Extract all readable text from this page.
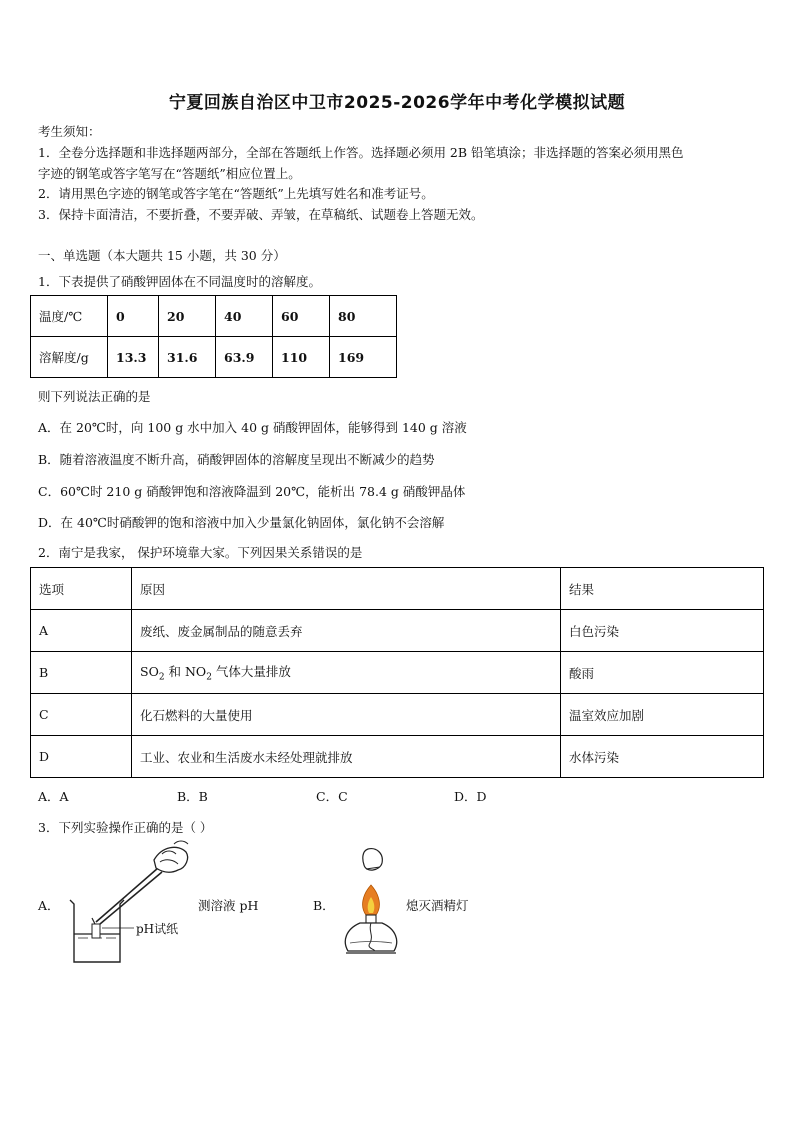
宁夏回族自治区中卫市2025-2026学年中考化学模拟试题
考生须知：
1．全卷分选择题和非选择题两部分，全部在答题纸上作答。选择题必须用 2B 铅笔填涂；非选择题的答案必须用黑色
字迹的钢笔或答字笔写在“答题纸”相应位置上。
2．请用黑色字迹的钢笔或答字笔在“答题纸”上先填写姓名和准考证号。
3．保持卡面清洁，不要折叠，不要弄破、弄皱，在草稿纸、试题卷上答题无效。
一、单选题（本大题共 15 小题，共 30 分）
1．下表提供了硝酸钾固体在不同温度时的溶解度。
温度/℃	0	20	40	60	80
溶解度/g	13.3	31.6	63.9	110	169
则下列说法正确的是
A．在 20℃时，向 100 g 水中加入 40 g 硝酸钾固体，能够得到 140 g 溶液
B．随着溶液温度不断升高，硝酸钾固体的溶解度呈现出不断减少的趋势
C．60℃时 210 g 硝酸钾饱和溶液降温到 20℃，能析出 78.4 g 硝酸钾晶体
D．在 40℃时硝酸钾的饱和溶液中加入少量氯化钠固体，氯化钠不会溶解
2．南宁是我家， 保护环境靠大家。下列因果关系错误的是
选项	原因	结果
A	废纸、废金属制品的随意丢弃	白色污染
B	$SO_2$ 和 $NO_2$ 气体大量排放	酸雨
C	化石燃料的大量使用	温室效应加剧
D	工业、农业和生活废水未经处理就排放	水体污染
A．A	B．B	C．C	D．D
3．下列实验操作正确的是（ ）
A．
pH试纸
测溶液 pH	B．	熄灭酒精灯
